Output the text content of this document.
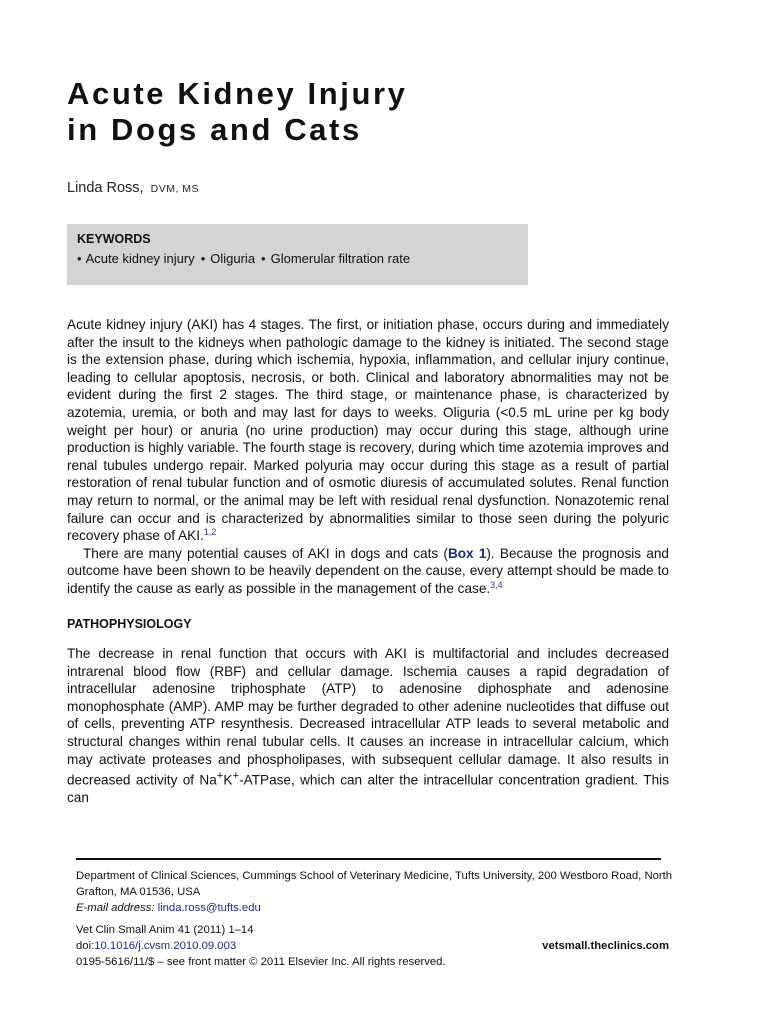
Acute Kidney Injury
in Dogs and Cats
Linda Ross, DVM, MS
KEYWORDS
• Acute kidney injury • Oliguria • Glomerular filtration rate

Acute kidney injury (AKI) has 4 stages. The first, or initiation phase, occurs during and immediately after the insult to the kidneys when pathologic damage to the kidney is initiated. The second stage is the extension phase, during which ischemia, hypoxia, inflammation, and cellular injury continue, leading to cellular apoptosis, necrosis, or both. Clinical and laboratory abnormalities may not be evident during the first 2 stages. The third stage, or maintenance phase, is characterized by azotemia, uremia, or both and may last for days to weeks. Oliguria (<0.5 mL urine per kg body weight per hour) or anuria (no urine production) may occur during this stage, although urine production is highly variable. The fourth stage is recovery, during which time azotemia improves and renal tubules undergo repair. Marked polyuria may occur during this stage as a result of partial restoration of renal tubular function and of osmotic diuresis of accumulated solutes. Renal function may return to normal, or the animal may be left with residual renal dysfunction. Nonazotemic renal failure can occur and is characterized by abnormalities similar to those seen during the polyuric recovery phase of AKI.$^{1,2}$

There are many potential causes of AKI in dogs and cats (Box 1). Because the prognosis and outcome have been shown to be heavily dependent on the cause, every attempt should be made to identify the cause as early as possible in the management of the case.$^{3,4}$

PATHOPHYSIOLOGY

The decrease in renal function that occurs with AKI is multifactorial and includes decreased intrarenal blood flow (RBF) and cellular damage. Ischemia causes a rapid degradation of intracellular adenosine triphosphate (ATP) to adenosine diphosphate and adenosine monophosphate (AMP). AMP may be further degraded to other adenine nucleotides that diffuse out of cells, preventing ATP resynthesis. Decreased intracellular ATP leads to several metabolic and structural changes within renal tubular cells. It causes an increase in intracellular calcium, which may activate proteases and phospholipases, with subsequent cellular damage. It also results in decreased activity of Na+K+-ATPase, which can alter the intracellular concentration gradient. This can

Department of Clinical Sciences, Cummings School of Veterinary Medicine, Tufts University, 200 Westboro Road, North Grafton, MA 01536, USA
E-mail address: linda.ross@tufts.edu
Vet Clin Small Anim 41 (2011) 1–14
doi:10.1016/j.cvsm.2010.09.003	vetsmall.theclinics.com
0195-5616/11/$ – see front matter © 2011 Elsevier Inc. All rights reserved.
